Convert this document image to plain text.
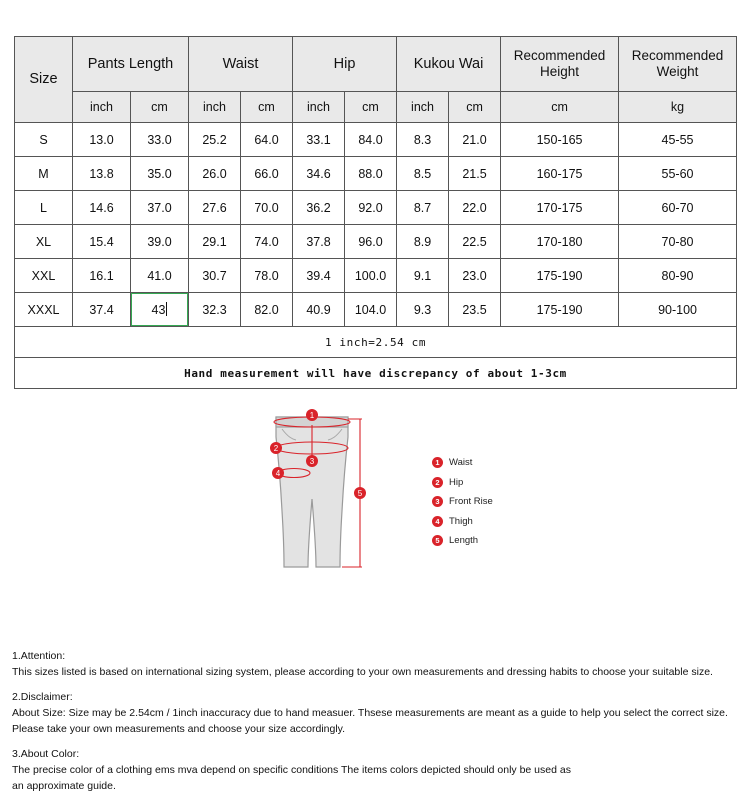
Size	Pants Length		Waist		Hip		Kukou Wai		Recommended Height	Recommended Weight
	inch	cm	inch	cm	inch	cm	inch	cm	cm	kg
S	13.0	33.0	25.2	64.0	33.1	84.0	8.3	21.0	150-165	45-55
M	13.8	35.0	26.0	66.0	34.6	88.0	8.5	21.5	160-175	55-60
L	14.6	37.0	27.6	70.0	36.2	92.0	8.7	22.0	170-175	60-70
XL	15.4	39.0	29.1	74.0	37.8	96.0	8.9	22.5	170-180	70-80
XXL	16.1	41.0	30.7	78.0	39.4	100.0	9.1	23.0	175-190	80-90
XXXL	37.4	43	32.3	82.0	40.9	104.0	9.3	23.5	175-190	90-100
1 inch=2.54 cm										
Hand measurement will have discrepancy of about 1-3cm										
1
2
3
4
5
1 Waist
2 Hip
3 Front Rise
4 Thigh
5 Length
1.Attention:
This sizes listed is based on international sizing system, please according to your own measurements and dressing habits to choose your suitable size.
2.Disclaimer:
About Size: Size may be 2.54cm / 1inch inaccuracy due to hand measuer. Thsese measurements are meant as a guide to help you select the correct size.
Please take your own measurements and choose your size accordingly.
3.About Color:
The precise color of a clothing ems mva depend on specific conditions The items colors depicted should only be used as
an approximate guide.
